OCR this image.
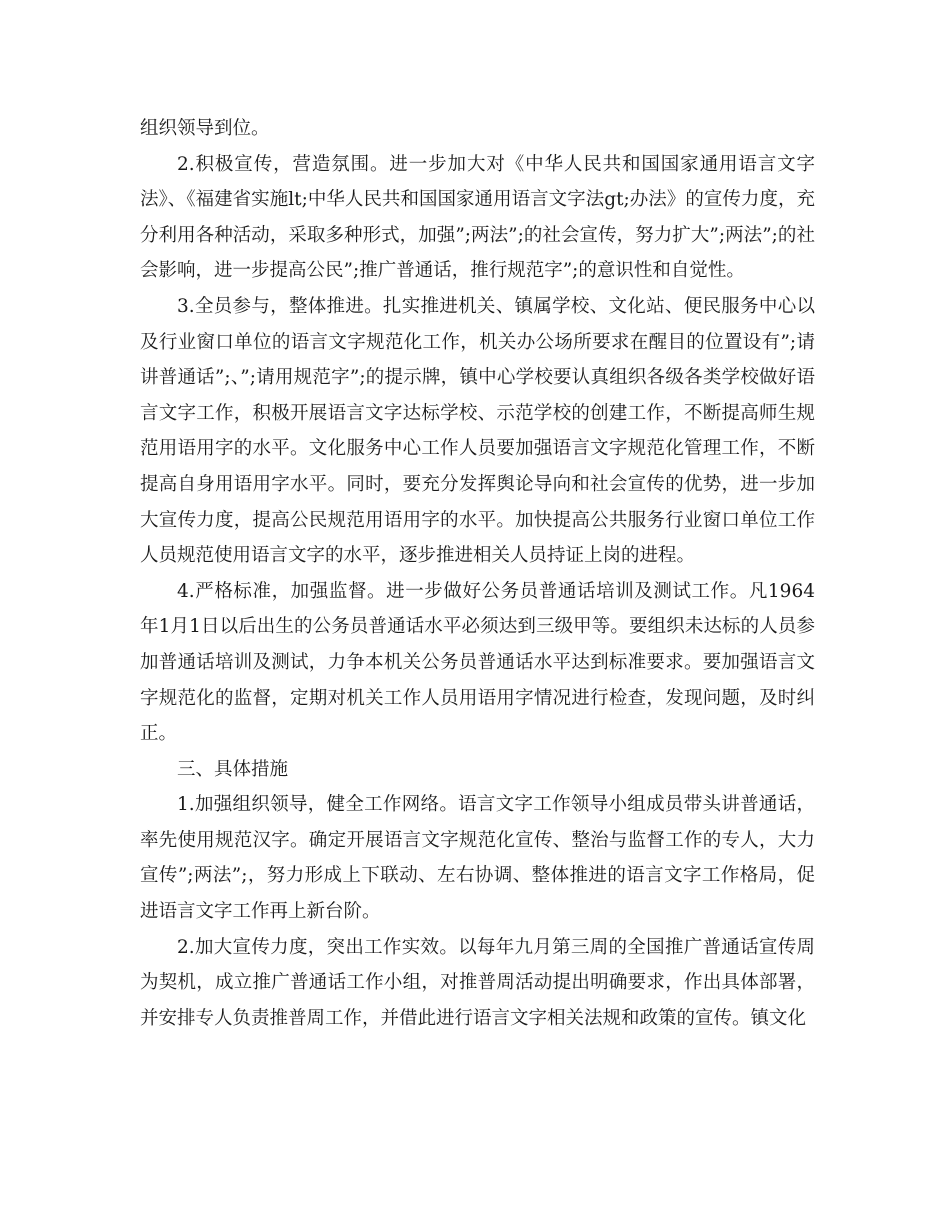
组织领导到位。

2.积极宣传，营造氛围。进一步加大对《中华人民共和国国家通用语言文字法》、《福建省实施lt;中华人民共和国国家通用语言文字法gt;办法》的宣传力度，充分利用各种活动，采取多种形式，加强”;两法”;的社会宣传，努力扩大”;两法”;的社会影响，进一步提高公民”;推广普通话，推行规范字”;的意识性和自觉性。

3.全员参与，整体推进。扎实推进机关、镇属学校、文化站、便民服务中心以及行业窗口单位的语言文字规范化工作，机关办公场所要求在醒目的位置设有”;请讲普通话”;、”;请用规范字”;的提示牌，镇中心学校要认真组织各级各类学校做好语言文字工作，积极开展语言文字达标学校、示范学校的创建工作，不断提高师生规范用语用字的水平。文化服务中心工作人员要加强语言文字规范化管理工作，不断提高自身用语用字水平。同时，要充分发挥舆论导向和社会宣传的优势，进一步加大宣传力度，提高公民规范用语用字的水平。加快提高公共服务行业窗口单位工作人员规范使用语言文字的水平，逐步推进相关人员持证上岗的进程。

4.严格标准，加强监督。进一步做好公务员普通话培训及测试工作。凡1964年1月1日以后出生的公务员普通话水平必须达到三级甲等。要组织未达标的人员参加普通话培训及测试，力争本机关公务员普通话水平达到标准要求。要加强语言文字规范化的监督，定期对机关工作人员用语用字情况进行检查，发现问题，及时纠正。

三、具体措施

1.加强组织领导，健全工作网络。语言文字工作领导小组成员带头讲普通话，率先使用规范汉字。确定开展语言文字规范化宣传、整治与监督工作的专人，大力宣传”;两法”;，努力形成上下联动、左右协调、整体推进的语言文字工作格局，促进语言文字工作再上新台阶。

2.加大宣传力度，突出工作实效。以每年九月第三周的全国推广普通话宣传周为契机，成立推广普通话工作小组，对推普周活动提出明确要求，作出具体部署，并安排专人负责推普周工作，并借此进行语言文字相关法规和政策的宣传。镇文化
